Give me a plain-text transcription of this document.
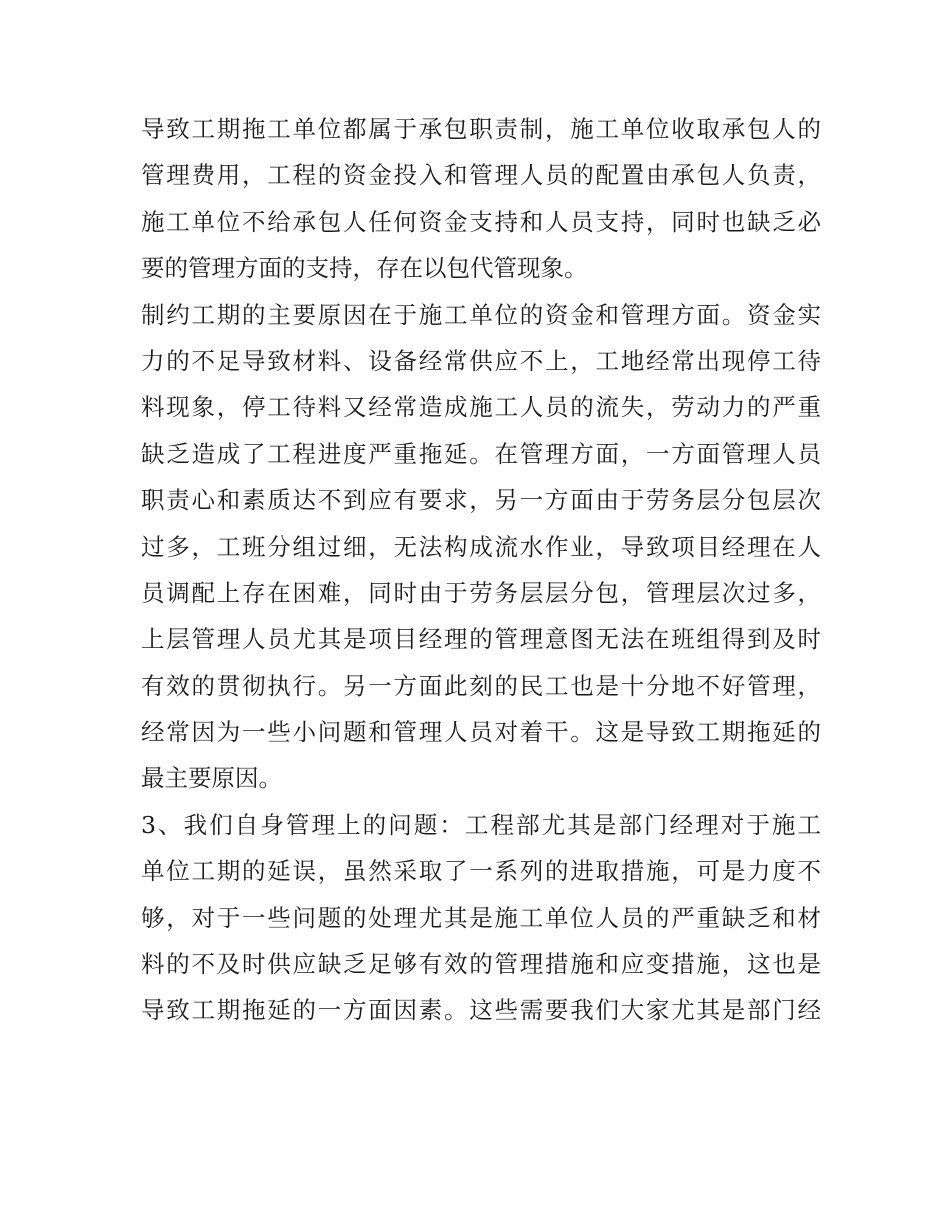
导致工期拖工单位都属于承包职责制，施工单位收取承包人的
管理费用，工程的资金投入和管理人员的配置由承包人负责，
施工单位不给承包人任何资金支持和人员支持，同时也缺乏必
要的管理方面的支持，存在以包代管现象。
制约工期的主要原因在于施工单位的资金和管理方面。资金实
力的不足导致材料、设备经常供应不上，工地经常出现停工待
料现象，停工待料又经常造成施工人员的流失，劳动力的严重
缺乏造成了工程进度严重拖延。在管理方面，一方面管理人员
职责心和素质达不到应有要求，另一方面由于劳务层分包层次
过多，工班分组过细，无法构成流水作业，导致项目经理在人
员调配上存在困难，同时由于劳务层层分包，管理层次过多，
上层管理人员尤其是项目经理的管理意图无法在班组得到及时
有效的贯彻执行。另一方面此刻的民工也是十分地不好管理，
经常因为一些小问题和管理人员对着干。这是导致工期拖延的
最主要原因。
3、我们自身管理上的问题：工程部尤其是部门经理对于施工
单位工期的延误，虽然采取了一系列的进取措施，可是力度不
够，对于一些问题的处理尤其是施工单位人员的严重缺乏和材
料的不及时供应缺乏足够有效的管理措施和应变措施，这也是
导致工期拖延的一方面因素。这些需要我们大家尤其是部门经
